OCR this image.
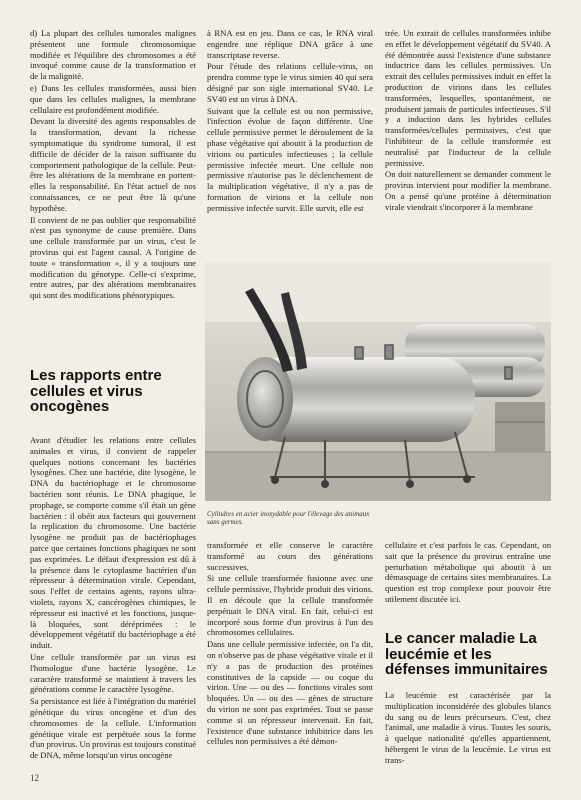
d) La plupart des cellules tumorales malignes présentent une formule chromosomique modifiée et l'équilibre des chromosomes a été invoqué comme cause de la transformation et de la malignité.

e) Dans les cellules transformées, aussi bien que dans les cellules malignes, la membrane cellulaire est profondément modifiée.

Devant la diversité des agents responsables de la transformation, devant la richesse symptomatique du syndrome tumoral, il est difficile de décider de la raison suffisante du comportement pathologique de la cellule. Peut-être les altérations de la membrane en portent-elles la responsabilité. En l'état actuel de nos connaissances, ce ne peut être là qu'une hypothèse.

Il convient de ne pas oublier que responsabilité n'est pas synonyme de cause première. Dans une cellule transformée par un virus, c'est le provirus qui est l'agent causal. A l'origine de toute « transformation », il y a toujours une modification du génotype. Celle-ci s'exprime, entre autres, par des altérations membranaires qui sont des modifications phénotypiques.

Les rapports entre cellules et virus oncogènes

Avant d'étudier les relations entre cellules animales et virus, il convient de rappeler quelques notions concernant les bactéries lysogènes. Chez une bactérie, dite lysogène, le DNA du bactériophage et le chromosome bactérien sont réunis. Le DNA phagique, le prophage, se comporte comme s'il était un gène bactérien : il obéit aux facteurs qui gouvernent la replication du chromosome. Une bactérie lysogène ne produit pas de bactériophages parce que certaines fonctions phagiques ne sont pas exprimées. Le défaut d'expression est dû à la présence dans le cytoplasme bactérien d'un répresseur à détermination virale. Cependant, sous l'effet de certains agents, rayons ultra-violets, rayons X, cancérogènes chimiques, le répresseur est inactivé et les fonctions, jusque-là bloquées, sont déréprimées : le développement végétatif du bactériophage a été induit.

Une cellule transformée par un virus est l'homologue d'une bactérie lysogène. Le caractère transformé se maintient à travers les générations comme le caractère lysogène.

Sa persistance est liée à l'intégration du matériel génétique du virus oncogène et d'un des chromosomes de la cellule. L'information génétique virale est perpétuée sous la forme d'un provirus. Un provirus est toujours constitué de DNA, même lorsqu'un virus oncogène

à RNA est en jeu. Dans ce cas, le RNA viral engendre une réplique DNA grâce à une transcriptase reverse.

Pour l'étude des relations cellule-virus, on prendra comme type le virus simien 40 qui sera désigné par son sigle international SV40. Le SV40 est un virus à DNA.

Suivant que la cellule est ou non permissive, l'infection évolue de façon différente. Une cellule permissive permet le déroulement de la phase végétative qui aboutit à la production de virions ou particules infectieuses ; la cellule permissive infectée meurt. Une cellule non permissive n'autorise pas le déclenchement de la multiplication végétative, il n'y a pas de formation de virions et la cellule non permissive infectée survit. Elle survit, elle est

trée. Un extrait de cellules transformées inhibe en effet le développement végétatif du SV40. A été démontrée aussi l'existence d'une substance inductrice dans les cellules permissives. Un extrait des cellules permissives induit en effet la production de virions dans les cellules transformées, lesquelles, spontanément, ne produisent jamais de particules infectieuses. S'il y a induction dans les hybrides cellules transformées/cellules permissives, c'est que l'inhibiteur de la cellule transformée est neutralisé par l'inducteur de la cellule permissive.

On doit naturellement se demander comment le provirus intervient pour modifier la membrane. On a pensé qu'une protéine à détermination virale viendrait s'incorporer à la membrane

Cylindres en acier inoxydable pour l'élevage des animaux sans germes.

transformée et elle conserve le caractère transformé au cours des générations successives.

Si une cellule transformée fusionne avec une cellule permissive, l'hybride produit des virions. Il en découle que la cellule transformée perpétuait le DNA viral. En fait, celui-ci est incorporé sous forme d'un provirus à l'un des chromosomes cellulaires.

Dans une cellule permissive infectée, on l'a dit, on n'observe pas de phase végétative virale et il n'y a pas de production des protéines constitutives de la capside — ou coque du virion. Une — ou des — fonctions virales sont bloquées. Un — ou des — gènes de structure du virion ne sont pas exprimées. Tout se passe comme si un répresseur intervenait. En fait, l'existence d'une substance inhibitrice dans les cellules non permissives a été démon-

cellulaire et c'est parfois le cas. Cependant, on sait que la présence du provirus entraîne une perturbation métabolique qui aboutit à un démasquage de certains sites membranaires. La question est trop complexe pour pouvoir être utilement discutée ici.

Le cancer maladie La leucémie et les défenses immunitaires

La leucémie est caractérisée par la multiplication inconsidérée des globules blancs du sang ou de leurs précurseurs. C'est, chez l'animal, une maladie à virus. Toutes les souris, à quelque nationalité qu'elles appartiennent, hébergent le virus de la leucémie. Le virus est trans-

12
